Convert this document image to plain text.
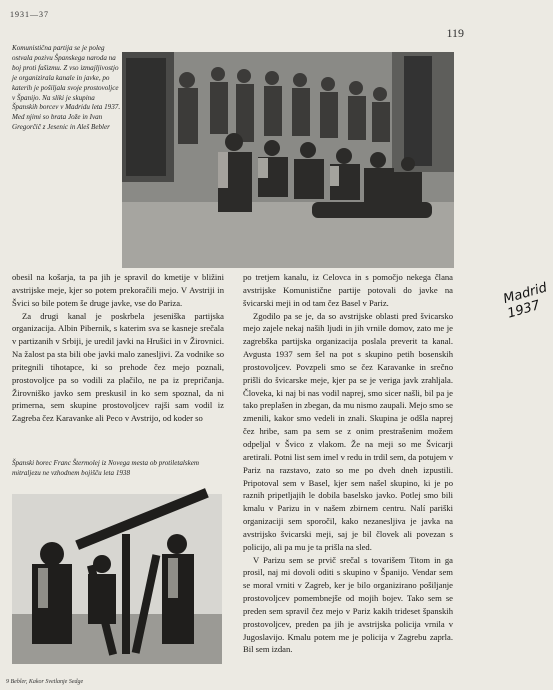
1931—37
119
Komunistična partija se je poleg ostvala pozivu Španskega naroda na boj proti fašizmu. Z vso izmajljivostjo je organizirala kanale in javke, po katerih je pošiljala svoje prostovoljce v Španijo. Na sliki je skupina Španskih borcev v Madridu leta 1937. Med njimi so brata Jože in Ivan Gregorčič z Jesenic in Aleš Bebler
Madrid 1937

obesil na košarja, ta pa jih je spravil do kmetije v bližini avstrijske meje, kjer so potem prekoračili mejo. V Avstriji in Švici so bile potem še druge javke, vse do Pariza.

Za drugi kanal je poskrbela jeseniška partijska organizacija. Albin Pibernik, s katerim sva se kasneje srečala v partizanih v Srbiji, je uredil javki na Hrušici in v Žirovnici. Na žalost pa sta bili obe javki malo zanesljivi. Za vodnike so pritegnili tihotapce, ki so prehode čez mejo poznali, prostovoljce pa so vodili za plačilo, ne pa iz prepričanja. Žirovniško javko sem preskusil in ko sem spoznal, da ni primerna, sem skupine prostovoljcev rajši sam vodil iz Zagreba čez Karavanke ali Peco v Avstrijo, od koder so

Španski borec Franc Štermolej iz Novega mesta ob protiletalskem mitraljezu ne vzhodnem bojišču leta 1938

po tretjem kanalu, iz Celovca in s pomočjo nekega člana avstrijske Komunistične partije potovali do javke na švicarski meji in od tam čez Basel v Pariz.

Zgodilo pa se je, da so avstrijske oblasti pred švicarsko mejo zajele nekaj naših ljudi in jih vrnile domov, zato me je zagrebška partijska organizacija poslala preverit ta kanal. Avgusta 1937 sem šel na pot s skupino petih bosenskih prostovoljcev. Povzpeli smo se čez Karavanke in srečno prišli do švicarske meje, kjer pa se je veriga javk zrahljala. Človeka, ki naj bi nas vodil naprej, smo sicer našli, bil pa je tako preplašen in zbegan, da mu nismo zaupali. Mejo smo se zmenili, kakor smo vedeli in znali. Skupina je odšla naprej čez hribe, sam pa sem se z onim prestrašenim možem odpeljal v Švico z vlakom. Že na meji so me Švicarji aretirali. Potni list sem imel v redu in trdil sem, da potujem v Pariz na razstavo, zato so me po dveh dneh izpustili. Pripotoval sem v Basel, kjer sem našel skupino, ki je po raznih pripetljajih le dobila baselsko javko. Potlej smo bili kmalu v Parizu in v našem zbirnem centru. Nalí pariški organizaciji sem sporočil, kako nezanesljiva je javka na avstrijsko švicarski meji, saj je bil človek ali povezan s policijo, ali pa mu je ta prišla na sled.

V Parizu sem se prvič srečal s tovarišem Titom in ga prosil, naj mi dovoli oditi s skupino v Španijo. Vendar sem se moral vrniti v Zagreb, ker je bilo organizirano pošiljanje prostovoljcev pomembnejše od mojih bojev. Tako sem se preden sem spravil čez mejo v Pariz kakih trideset španskih prostovoljcev, preden pa jih je avstrijska policija vrnila v Jugoslavijo. Kmalu potem me je policija v Zagrebu zaprla. Bil sem izdan.

9 Bebler, Kakor Svetlanje Sedge
